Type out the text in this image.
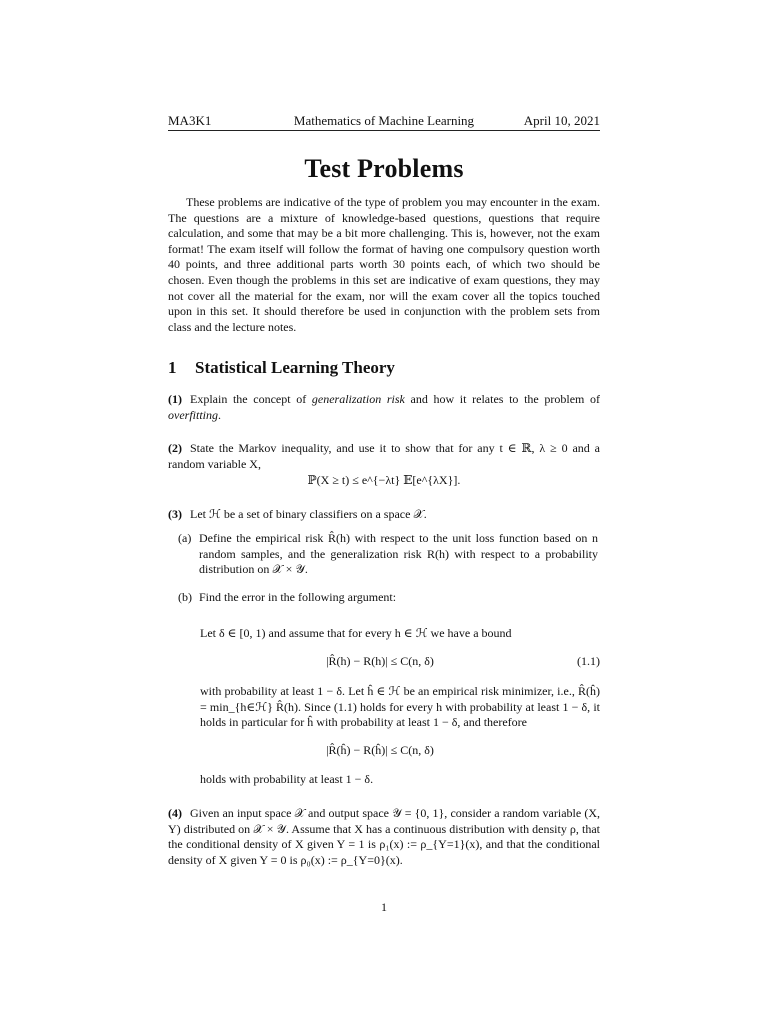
MA3K1	Mathematics of Machine Learning	April 10, 2021
Test Problems

These problems are indicative of the type of problem you may encounter in the exam. The questions are a mixture of knowledge-based questions, questions that require calculation, and some that may be a bit more challenging. This is, however, not the exam format! The exam itself will follow the format of having one compulsory question worth 40 points, and three additional parts worth 30 points each, of which two should be chosen. Even though the problems in this set are indicative of exam questions, they may not cover all the material for the exam, nor will the exam cover all the topics touched upon in this set. It should therefore be used in conjunction with the problem sets from class and the lecture notes.

1 Statistical Learning Theory

(1) Explain the concept of generalization risk and how it relates to the problem of overfitting.

(2) State the Markov inequality, and use it to show that for any t ∈ ℝ, λ ≥ 0 and a random variable X,

ℙ(X ≥ t) ≤ e^{−λt} 𝔼[e^{λX}].

(3) Let ℋ be a set of binary classifiers on a space 𝒳.

(a) Define the empirical risk R̂(h) with respect to the unit loss function based on n random samples, and the generalization risk R(h) with respect to a probability distribution on 𝒳 × 𝒴.
(b) Find the error in the following argument:

Let δ ∈ [0, 1) and assume that for every h ∈ ℋ we have a bound

|R̂(h) − R(h)| ≤ C(n, δ)	(1.1)

with probability at least 1 − δ. Let ĥ ∈ ℋ be an empirical risk minimizer, i.e., R̂(ĥ) = min_{h∈ℋ} R̂(h). Since (1.1) holds for every h with probability at least 1 − δ, it holds in particular for ĥ with probability at least 1 − δ, and therefore

|R̂(ĥ) − R(ĥ)| ≤ C(n, δ)

holds with probability at least 1 − δ.

(4) Given an input space 𝒳 and output space 𝒴 = {0, 1}, consider a random variable (X, Y) distributed on 𝒳 × 𝒴. Assume that X has a continuous distribution with density ρ, that the conditional density of X given Y = 1 is ρ₁(x) := ρ_{Y=1}(x), and that the conditional density of X given Y = 0 is ρ₀(x) := ρ_{Y=0}(x).

1
